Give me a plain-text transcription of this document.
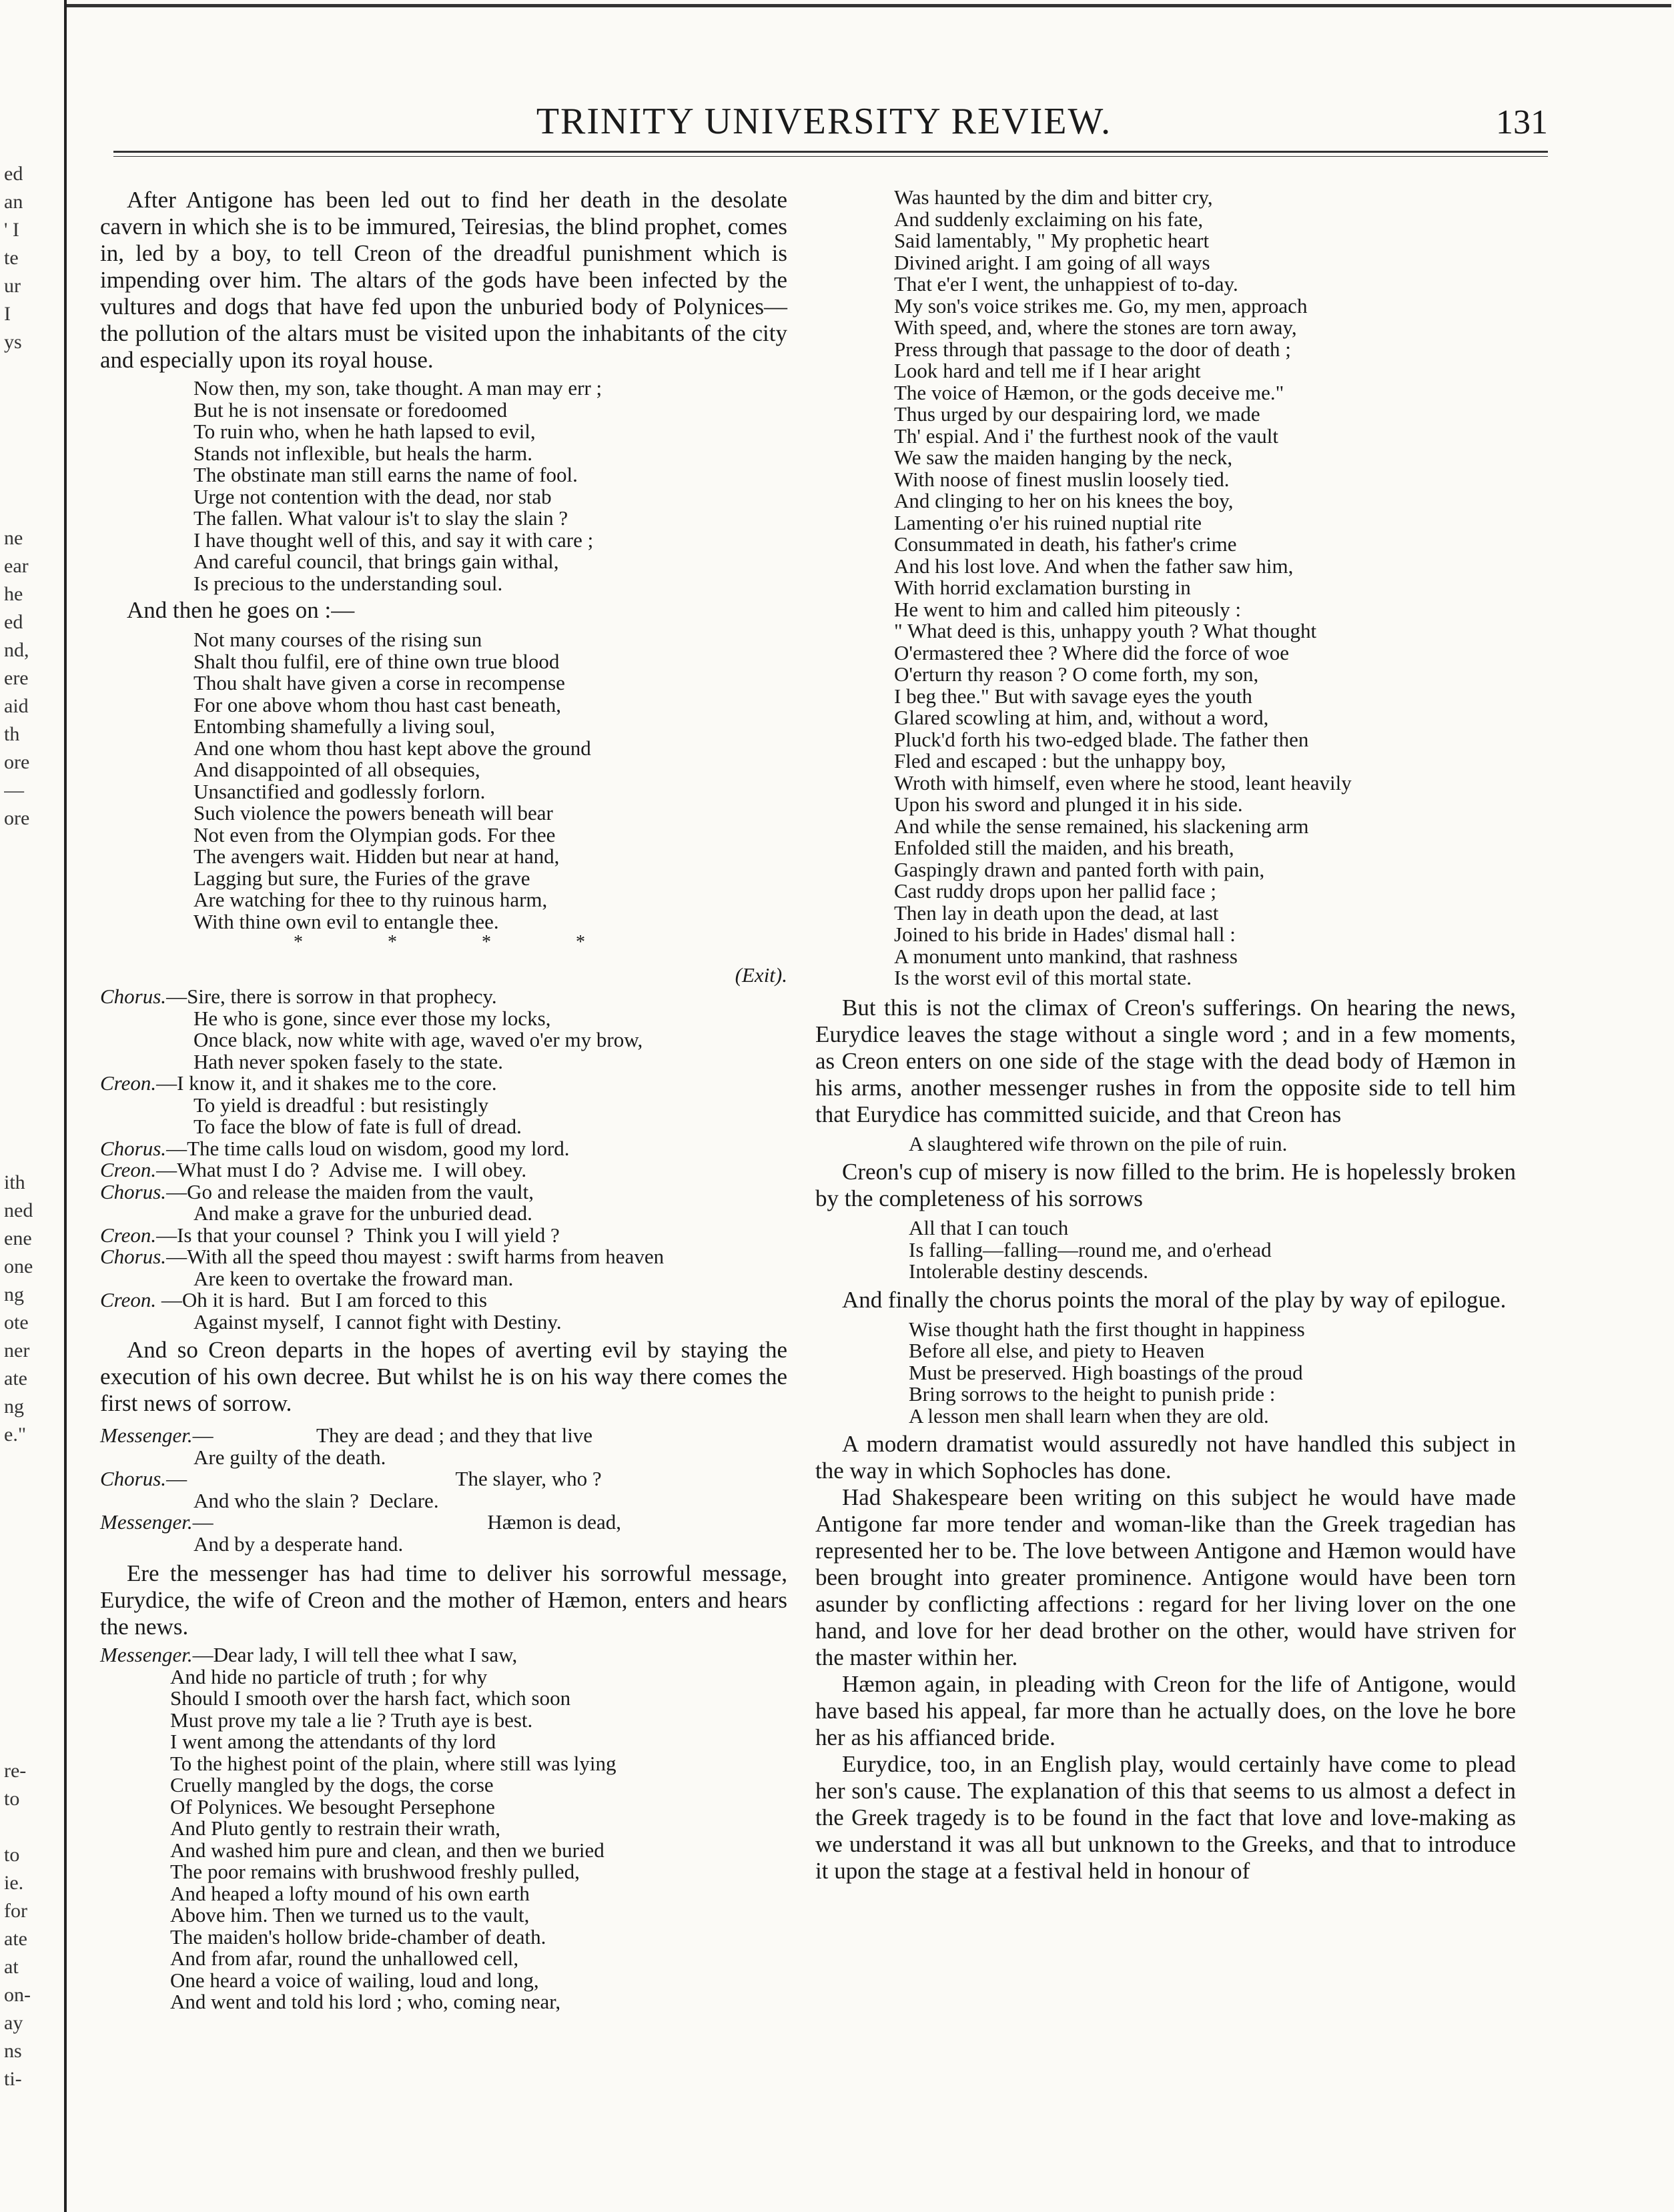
ed
an
' I
te
ur
I
ys
ne
ear
he
ed
nd,
ere
aid
th
ore
—
ore
ith
ned
ene
one
ng
ote
ner
ate
ng
e."
re-
to
to
ie.
for
ate
at
on-
ay
ns
ti-
TRINITY UNIVERSITY REVIEW.	131

After Antigone has been led out to find her death in the desolate cavern in which she is to be immured, Teiresias, the blind prophet, comes in, led by a boy, to tell Creon of the dreadful punishment which is impending over him. The altars of the gods have been infected by the vultures and dogs that have fed upon the unburied body of Polynices—the pollution of the altars must be visited upon the inhabitants of the city and especially upon its royal house.

Now then, my son, take thought. A man may err ;
But he is not insensate or foredoomed
To ruin who, when he hath lapsed to evil,
Stands not inflexible, but heals the harm.
The obstinate man still earns the name of fool.
Urge not contention with the dead, nor stab
The fallen. What valour is't to slay the slain ?
I have thought well of this, and say it with care ;
And careful council, that brings gain withal,
Is precious to the understanding soul.

And then he goes on :—

Not many courses of the rising sun
Shalt thou fulfil, ere of thine own true blood
Thou shalt have given a corse in recompense
For one above whom thou hast cast beneath,
Entombing shamefully a living soul,
And one whom thou hast kept above the ground
And disappointed of all obsequies,
Unsanctified and godlessly forlorn.
Such violence the powers beneath will bear
Not even from the Olympian gods. For thee
The avengers wait. Hidden but near at hand,
Lagging but sure, the Furies of the grave
Are watching for thee to thy ruinous harm,
With thine own evil to entangle thee.
* * * *
(Exit).
Chorus.—Sire, there is sorrow in that prophecy.
He who is gone, since ever those my locks,
Once black, now white with age, waved o'er my brow,
Hath never spoken fasely to the state.
Creon.—I know it, and it shakes me to the core.
To yield is dreadful : but resistingly
To face the blow of fate is full of dread.
Chorus.—The time calls loud on wisdom, good my lord.
Creon.—What must I do ?  Advise me.  I will obey.
Chorus.—Go and release the maiden from the vault,
And make a grave for the unburied dead.
Creon.—Is that your counsel ?  Think you I will yield ?
Chorus.—With all the speed thou mayest : swift harms from heaven
Are keen to overtake the froward man.
Creon. —Oh it is hard.  But I am forced to this
Against myself,  I cannot fight with Destiny.

And so Creon departs in the hopes of averting evil by staying the execution of his own decree. But whilst he is on his way there comes the first news of sorrow.

Messenger.—                    They are dead ; and they that live
Are guilty of the death.
Chorus.—                                                    The slayer, who ?
And who the slain ?  Declare.
Messenger.—                                                     Hæmon is dead,
And by a desperate hand.

Ere the messenger has had time to deliver his sorrowful message, Eurydice, the wife of Creon and the mother of Hæmon, enters and hears the news.

Messenger.—Dear lady, I will tell thee what I saw,
And hide no particle of truth ; for why
Should I smooth over the harsh fact, which soon
Must prove my tale a lie ? Truth aye is best.
I went among the attendants of thy lord
To the highest point of the plain, where still was lying
Cruelly mangled by the dogs, the corse
Of Polynices. We besought Persephone
And Pluto gently to restrain their wrath,
And washed him pure and clean, and then we buried
The poor remains with brushwood freshly pulled,
And heaped a lofty mound of his own earth
Above him. Then we turned us to the vault,
The maiden's hollow bride-chamber of death.
And from afar, round the unhallowed cell,
One heard a voice of wailing, loud and long,
And went and told his lord ; who, coming near,
Was haunted by the dim and bitter cry,
And suddenly exclaiming on his fate,
Said lamentably, " My prophetic heart
Divined aright. I am going of all ways
That e'er I went, the unhappiest of to-day.
My son's voice strikes me. Go, my men, approach
With speed, and, where the stones are torn away,
Press through that passage to the door of death ;
Look hard and tell me if I hear aright
The voice of Hæmon, or the gods deceive me."
Thus urged by our despairing lord, we made
Th' espial. And i' the furthest nook of the vault
We saw the maiden hanging by the neck,
With noose of finest muslin loosely tied.
And clinging to her on his knees the boy,
Lamenting o'er his ruined nuptial rite
Consummated in death, his father's crime
And his lost love. And when the father saw him,
With horrid exclamation bursting in
He went to him and called him piteously :
" What deed is this, unhappy youth ? What thought
O'ermastered thee ? Where did the force of woe
O'erturn thy reason ? O come forth, my son,
I beg thee." But with savage eyes the youth
Glared scowling at him, and, without a word,
Pluck'd forth his two-edged blade. The father then
Fled and escaped : but the unhappy boy,
Wroth with himself, even where he stood, leant heavily
Upon his sword and plunged it in his side.
And while the sense remained, his slackening arm
Enfolded still the maiden, and his breath,
Gaspingly drawn and panted forth with pain,
Cast ruddy drops upon her pallid face ;
Then lay in death upon the dead, at last
Joined to his bride in Hades' dismal hall :
A monument unto mankind, that rashness
Is the worst evil of this mortal state.

But this is not the climax of Creon's sufferings. On hearing the news, Eurydice leaves the stage without a single word ; and in a few moments, as Creon enters on one side of the stage with the dead body of Hæmon in his arms, another messenger rushes in from the opposite side to tell him that Eurydice has committed suicide, and that Creon has

A slaughtered wife thrown on the pile of ruin.

Creon's cup of misery is now filled to the brim. He is hopelessly broken by the completeness of his sorrows

All that I can touch
Is falling—falling—round me, and o'erhead
Intolerable destiny descends.

And finally the chorus points the moral of the play by way of epilogue.

Wise thought hath the first thought in happiness
Before all else, and piety to Heaven
Must be preserved. High boastings of the proud
Bring sorrows to the height to punish pride :
A lesson men shall learn when they are old.

A modern dramatist would assuredly not have handled this subject in the way in which Sophocles has done.

Had Shakespeare been writing on this subject he would have made Antigone far more tender and woman-like than the Greek tragedian has represented her to be. The love between Antigone and Hæmon would have been brought into greater prominence. Antigone would have been torn asunder by conflicting affections : regard for her living lover on the one hand, and love for her dead brother on the other, would have striven for the master within her.

Hæmon again, in pleading with Creon for the life of Antigone, would have based his appeal, far more than he actually does, on the love he bore her as his affianced bride.

Eurydice, too, in an English play, would certainly have come to plead her son's cause. The explanation of this that seems to us almost a defect in the Greek tragedy is to be found in the fact that love and love-making as we understand it was all but unknown to the Greeks, and that to introduce it upon the stage at a festival held in honour of
